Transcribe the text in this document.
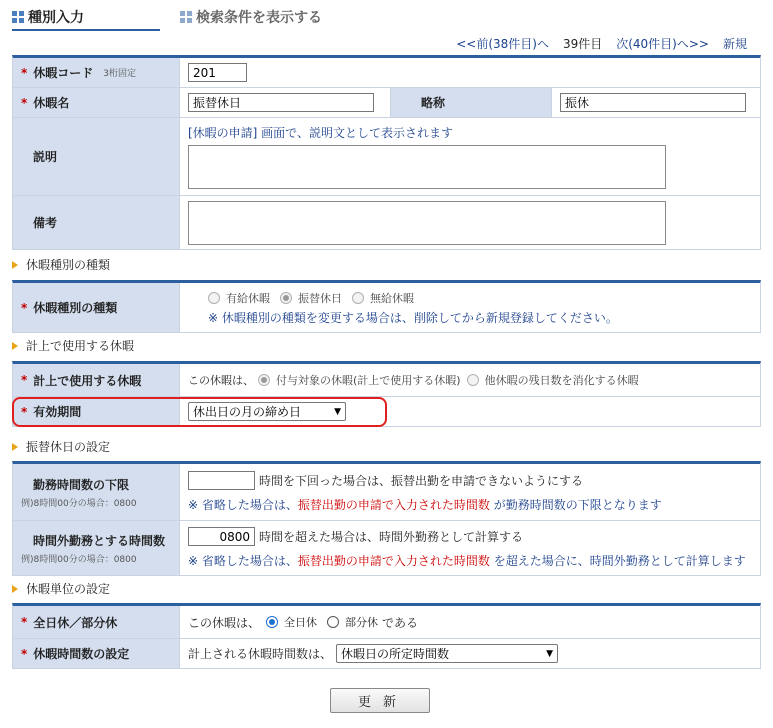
種別入力	検索条件を表示する
<<前(38件目)へ 39件目 次(40件目)へ>> 新規
* 休暇コード 3桁固定
201
* 休暇名
振替休日	略称
振休
説明
[休暇の申請] 画面で、説明文として表示されます
備考
休暇種別の種類
* 休暇種別の種類
有給休暇	振替休日	無給休暇
※ 休暇種別の種類を変更する場合は、削除してから新規登録してください。
計上で使用する休暇
* 計上で使用する休暇	この休暇は、 付与対象の休暇(計上で使用する休暇) 他休暇の残日数を消化する休暇
* 有効期間	休出日の月の締め日	▼
振替休日の設定
勤務時間数の下限
例)8時間00分の場合：0800
時間を下回った場合は、振替出勤を申請できないようにする
※ 省略した場合は、振替出勤の申請で入力された時間数 が勤務時間数の下限となります
時間外勤務とする時間数
例)8時間00分の場合：0800
0800
時間を超えた場合は、時間外勤務として計算する
※ 省略した場合は、振替出勤の申請で入力された時間数 を超えた場合に、時間外勤務として計算します
休暇単位の設定
* 全日休／部分休	この休暇は、 全日休	部分休 である
* 休暇時間数の設定	計上される休暇時間数は、 休暇日の所定時間数	▼
更新
